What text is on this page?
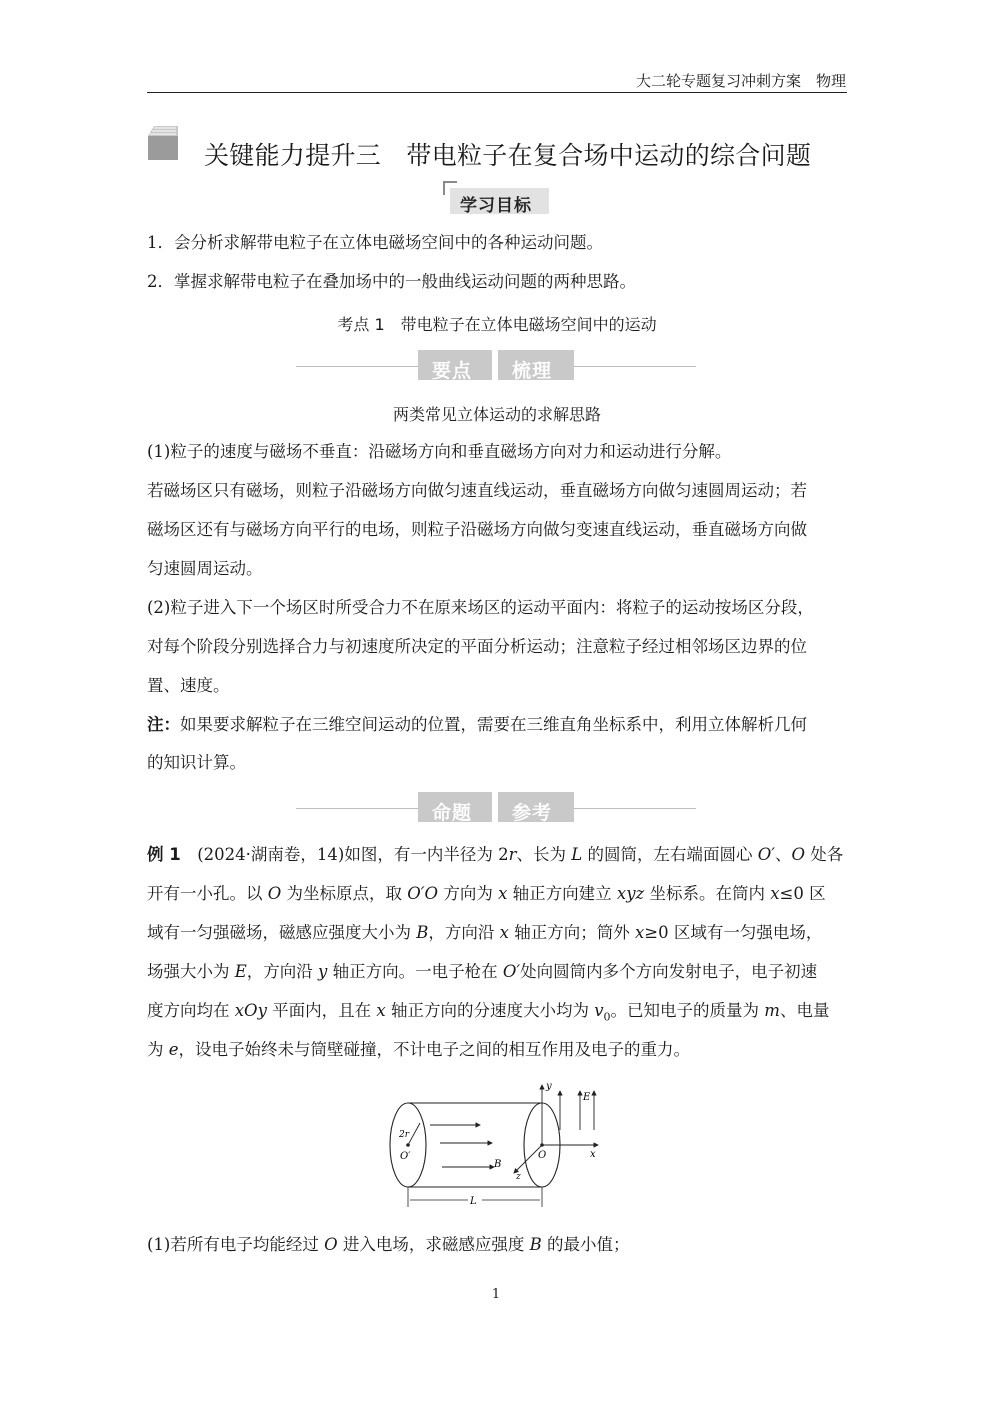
大二轮专题复习冲刺方案　 物理
关键能力提升三　带电粒子在复合场中运动的综合问题
学习目标
1．会分析求解带电粒子在立体电磁场空间中的各种运动问题。
2．掌握求解带电粒子在叠加场中的一般曲线运动问题的两种思路。
考点 1　带电粒子在立体电磁场空间中的运动
要点 梳理
两类常见立体运动的求解思路
(1)粒子的速度与磁场不垂直：沿磁场方向和垂直磁场方向对力和运动进行分解。
若磁场区只有磁场，则粒子沿磁场方向做匀速直线运动，垂直磁场方向做匀速圆周运动；若
磁场区还有与磁场方向平行的电场，则粒子沿磁场方向做匀变速直线运动，垂直磁场方向做
匀速圆周运动。
(2)粒子进入下一个场区时所受合力不在原来场区的运动平面内：将粒子的运动按场区分段，
对每个阶段分别选择合力与初速度所决定的平面分析运动；注意粒子经过相邻场区边界的位
置、速度。
注：如果要求解粒子在三维空间运动的位置，需要在三维直角坐标系中，利用立体解析几何
的知识计算。
命题 参考
例 1　(2024·湖南卷，14)如图，有一内半径为 2r、长为 L 的圆筒，左右端面圆心 O′、O 处各
开有一小孔。以 O 为坐标原点，取 O′O 方向为 x 轴正方向建立 xyz 坐标系。在筒内 x≤0 区
域有一匀强磁场，磁感应强度大小为 B，方向沿 x 轴正方向；筒外 x≥0 区域有一匀强电场，
场强大小为 E，方向沿 y 轴正方向。一电子枪在 O′处向圆筒内多个方向发射电子，电子初速
度方向均在 xOy 平面内，且在 x 轴正方向的分速度大小均为 $v_0$。已知电子的质量为 m、电量
为 e，设电子始终未与筒壁碰撞，不计电子之间的相互作用及电子的重力。
y
E
2r
O′
B
O
z
x
L
(1)若所有电子均能经过 O 进入电场，求磁感应强度 B 的最小值；
1
